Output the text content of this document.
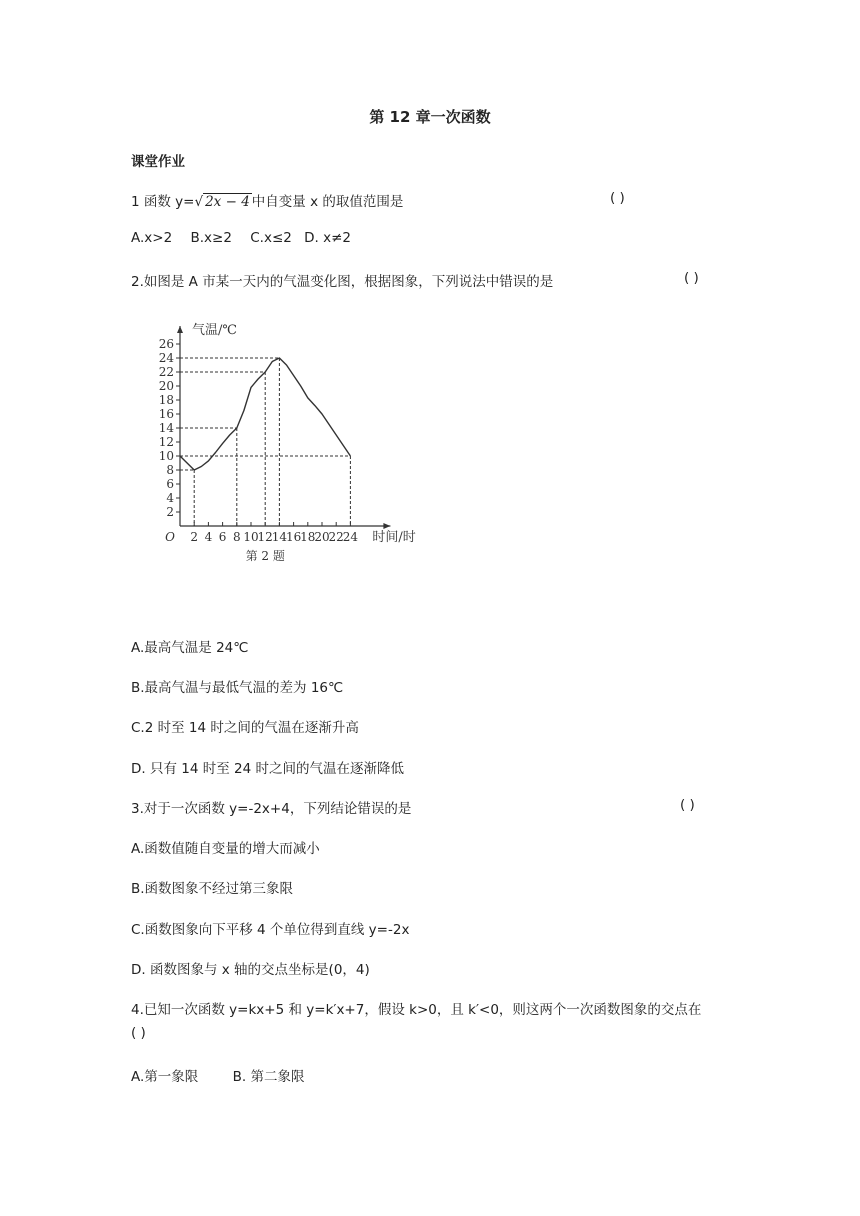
第 12 章一次函数
课堂作业
1 函数 y=√ 2x − 4 中自变量 x 的取值范围是	( )
A.x>2 B.x≥2 C.x≤2 D. x≠2
2.如图是 A 市某一天内的气温变化图，根据图象，下列说法中错误的是	( )
2 4 6 8 10
12
14
16
18
20
22
24
2
4
6
8
10
12
14
16
18
20
22
24
26
O
气温/℃
时间/时
第 2 题
A.最高气温是 24℃
B.最高气温与最低气温的差为 16℃
C.2 时至 14 时之间的气温在逐渐升高
D. 只有 14 时至 24 时之间的气温在逐渐降低
3.对于一次函数 y=-2x+4，下列结论错误的是	( )
A.函数值随自变量的增大而减小
B.函数图象不经过第三象限
C.函数图象向下平移 4 个单位得到直线 y=-2x
D. 函数图象与 x 轴的交点坐标是(0，4)
4.已知一次函数 y=kx+5 和 y=k′x+7，假设 k>0，且 k′<0，则这两个一次函数图象的交点在
( )
A.第一象限	B. 第二象限
